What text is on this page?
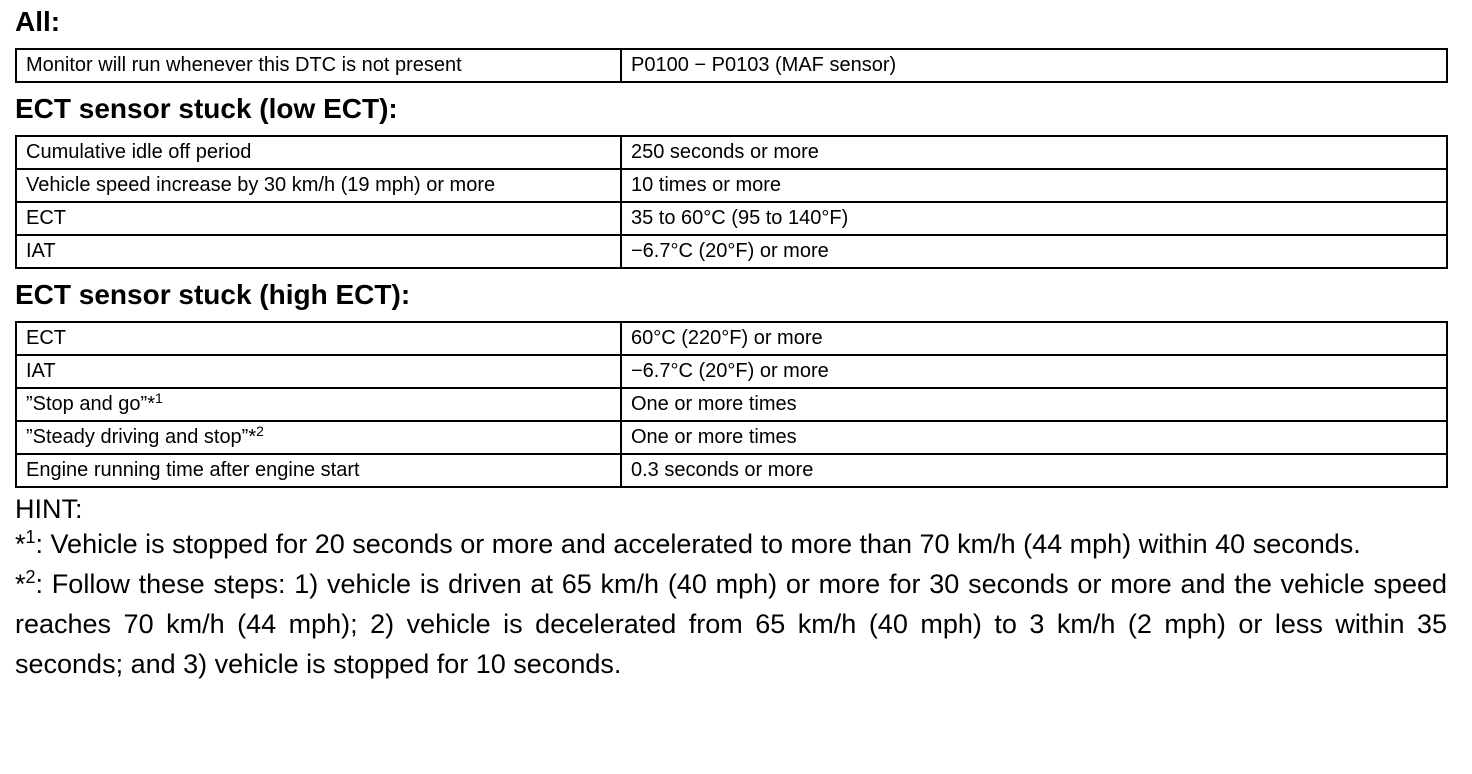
All:
Monitor will run whenever this DTC is not present	P0100 − P0103 (MAF sensor)
ECT sensor stuck (low ECT):
Cumulative idle off period	250 seconds or more
Vehicle speed increase by 30 km/h (19 mph) or more	10 times or more
ECT	35 to 60°C (95 to 140°F)
IAT	−6.7°C (20°F) or more
ECT sensor stuck (high ECT):
ECT	60°C (220°F) or more
IAT	−6.7°C (20°F) or more
”Stop and go”*$^1$	One or more times
”Steady driving and stop”*$^2$	One or more times
Engine running time after engine start	0.3 seconds or more
HINT:

*$^1$: Vehicle is stopped for 20 seconds or more and accelerated to more than 70 km/h (44 mph) within 40 seconds.

*$^2$: Follow these steps: 1) vehicle is driven at 65 km/h (40 mph) or more for 30 seconds or more and the vehicle speed reaches 70 km/h (44 mph); 2) vehicle is decelerated from 65 km/h (40 mph) to 3 km/h (2 mph) or less within 35 seconds; and 3) vehicle is stopped for 10 seconds.
